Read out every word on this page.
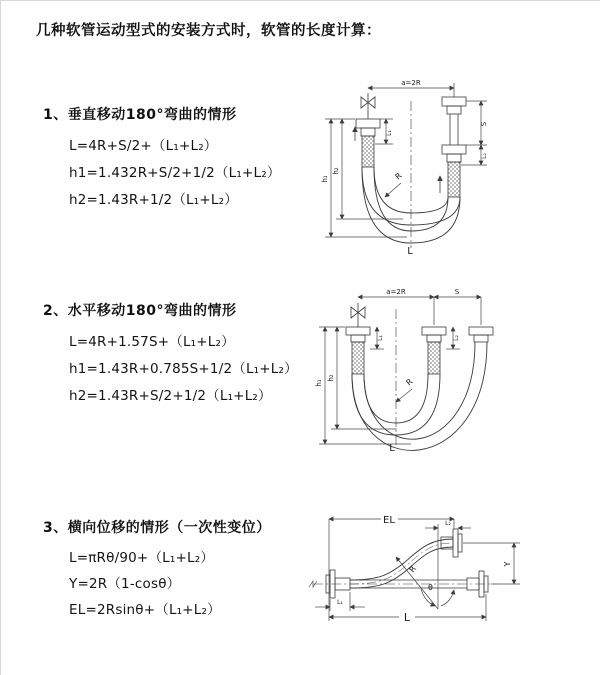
几种软管运动型式的安装方式时，软管的长度计算：
1、垂直移动180°弯曲的情形
L=4R+S/2+（L₁+L₂）
h1=1.432R+S/2+1/2（L₁+L₂）
h2=1.43R+1/2（L₁+L₂）
a=2R
L₁
S
L₂
h₁
h₂
R
L
2、水平移动180°弯曲的情形
L=4R+1.57S+（L₁+L₂）
h1=1.43R+0.785S+1/2（L₁+L₂）
h2=1.43R+S/2+1/2（L₁+L₂）
a=2R	S
L₁	L₂
h₁
h₂	R
L
3、横向位移的情形（一次性变位）
L=πRθ/90+（L₁+L₂）
Y=2R（1-cosθ）
EL=2Rsinθ+（L₁+L₂）
EL	L₂
Y
R
θ
L₁
L
